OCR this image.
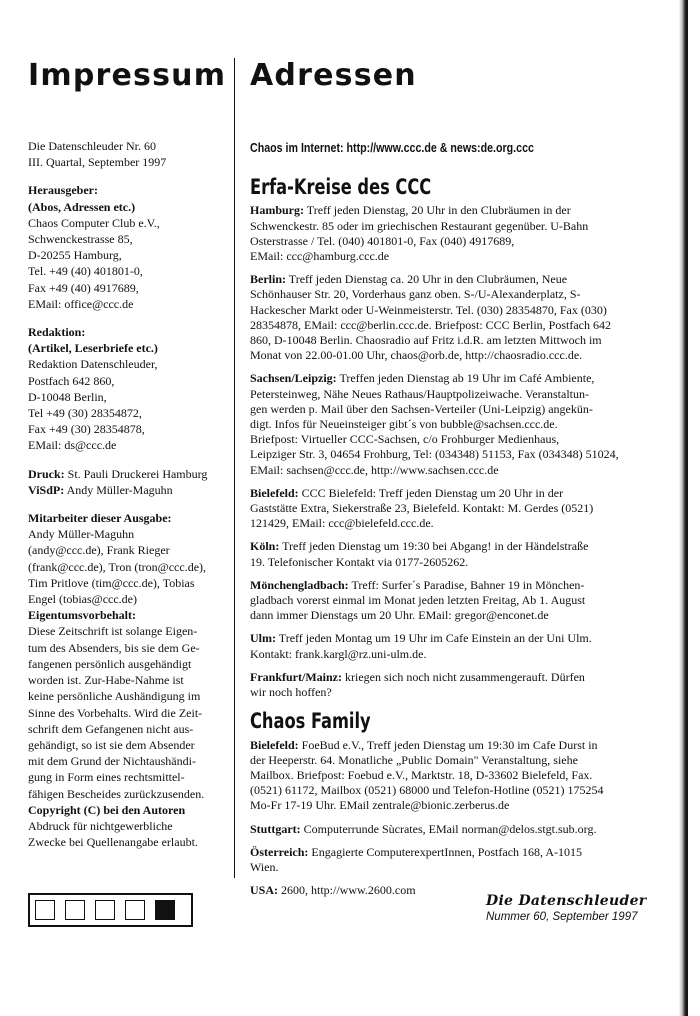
Impressum Adressen
Die Datenschleuder Nr. 60
III. Quartal, September 1997
Herausgeber:
(Abos, Adressen etc.)
Chaos Computer Club e.V.,
Schwenckestrasse 85,
D-20255 Hamburg,
Tel. +49 (40) 401801-0,
Fax +49 (40) 4917689,
EMail: office@ccc.de
Redaktion:
(Artikel, Leserbriefe etc.)
Redaktion Datenschleuder,
Postfach 642 860,
D-10048 Berlin,
Tel +49 (30) 28354872,
Fax +49 (30) 28354878,
EMail: ds@ccc.de
Druck: St. Pauli Druckerei Hamburg
ViSdP: Andy Müller-Maguhn
Mitarbeiter dieser Ausgabe:
Andy Müller-Maguhn
(andy@ccc.de), Frank Rieger
(frank@ccc.de), Tron (tron@ccc.de),
Tim Pritlove (tim@ccc.de), Tobias
Engel (tobias@ccc.de)
Eigentumsvorbehalt:
Diese Zeitschrift ist solange Eigen-
tum des Absenders, bis sie dem Ge-
fangenen persönlich ausgehändigt
worden ist. Zur-Habe-Nahme ist
keine persönliche Aushändigung im
Sinne des Vorbehalts. Wird die Zeit-
schrift dem Gefangenen nicht aus-
gehändigt, so ist sie dem Absender
mit dem Grund der Nichtaushändi-
gung in Form eines rechtsmittel-
fähigen Bescheides zurückzusenden.
Copyright (C) bei den Autoren
Abdruck für nichtgewerbliche
Zwecke bei Quellenangabe erlaubt.
Chaos im Internet: http://www.ccc.de & news:de.org.ccc
Erfa-Kreise des CCC
Hamburg: Treff jeden Dienstag, 20 Uhr in den Clubräumen in der
Schwenckestr. 85 oder im griechischen Restaurant gegenüber. U-Bahn
Osterstrasse / Tel. (040) 401801-0, Fax (040) 4917689,
EMail: ccc@hamburg.ccc.de
Berlin: Treff jeden Dienstag ca. 20 Uhr in den Clubräumen, Neue
Schönhauser Str. 20, Vorderhaus ganz oben. S-/U-Alexanderplatz, S-
Hackescher Markt oder U-Weinmeisterstr. Tel. (030) 28354870, Fax (030)
28354878, EMail: ccc@berlin.ccc.de. Briefpost: CCC Berlin, Postfach 642
860, D-10048 Berlin. Chaosradio auf Fritz i.d.R. am letzten Mittwoch im
Monat von 22.00-01.00 Uhr, chaos@orb.de, http://chaosradio.ccc.de.
Sachsen/Leipzig: Treffen jeden Dienstag ab 19 Uhr im Café Ambiente,
Petersteinweg, Nähe Neues Rathaus/Hauptpolizeiwache. Veranstaltun-
gen werden p. Mail über den Sachsen-Verteiler (Uni-Leipzig) angekün-
digt. Infos für Neueinsteiger gibt´s von bubble@sachsen.ccc.de.
Briefpost: Virtueller CCC-Sachsen, c/o Frohburger Medienhaus,
Leipziger Str. 3, 04654 Frohburg, Tel: (034348) 51153, Fax (034348) 51024,
EMail: sachsen@ccc.de, http://www.sachsen.ccc.de
Bielefeld: CCC Bielefeld: Treff jeden Dienstag um 20 Uhr in der
Gaststätte Extra, Siekerstraße 23, Bielefeld. Kontakt: M. Gerdes (0521)
121429, EMail: ccc@bielefeld.ccc.de.
Köln: Treff jeden Dienstag um 19:30 bei Abgang! in der Händelstraße
19. Telefonischer Kontakt via 0177-2605262.
Mönchengladbach: Treff: Surfer´s Paradise, Bahner 19 in Mönchen-
gladbach vorerst einmal im Monat jeden letzten Freitag, Ab 1. August
dann immer Dienstags um 20 Uhr. EMail: gregor@enconet.de
Ulm: Treff jeden Montag um 19 Uhr im Cafe Einstein an der Uni Ulm.
Kontakt: frank.kargl@rz.uni-ulm.de.
Frankfurt/Mainz: kriegen sich noch nicht zusammengerauft. Dürfen
wir noch hoffen?
Chaos Family
Bielefeld: FoeBud e.V., Treff jeden Dienstag um 19:30 im Cafe Durst in
der Heeperstr. 64. Monatliche „Public Domain" Veranstaltung, siehe
Mailbox. Briefpost: Foebud e.V., Marktstr. 18, D-33602 Bielefeld, Fax.
(0521) 61172, Mailbox (0521) 68000 und Telefon-Hotline (0521) 175254
Mo-Fr 17-19 Uhr. EMail zentrale@bionic.zerberus.de
Stuttgart: Computerrunde Sùcrates, EMail norman@delos.stgt.sub.org.
Österreich: Engagierte ComputerexpertInnen, Postfach 168, A-1015
Wien.
USA: 2600, http://www.2600.com
Die Datenschleuder
Nummer 60, September 1997
